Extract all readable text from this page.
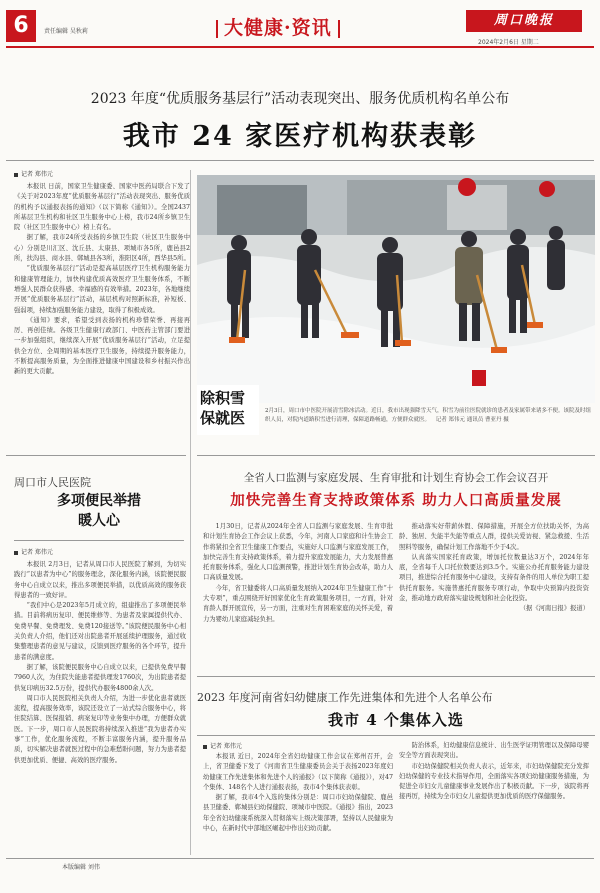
6	责任编辑 吴秋莉	大健康·资讯	周口晚报
2024年2月6日 星期二
2023 年度“优质服务基层行”活动表现突出、服务优质机构名单公布
我市 24 家医疗机构获表彰
记者 郑伟元

本报讯 日前，国家卫生健康委、国家中医药局联合下发了《关于对2023年度“优质服务基层行”活动表现突出、服务优质的机构予以通报表扬的通知》（以下简称《通知》）。全国2437所基层卫生机构和社区卫生服务中心上榜，我市24所乡镇卫生院（社区卫生服务中心）榜上有名。

据了解，我市24所受表扬的乡镇卫生院（社区卫生服务中心）分别是川汇区、沈丘县、太康县、项城市各5所，鹿邑县2所，扶沟县、商水县、郸城县各3所，淮阳区4所，西华县5所。

“优质服务基层行”活动是提高基层医疗卫生机构服务能力和健康管理能力，加快构建优质高效医疗卫生服务体系，不断增强人民群众获得感、幸福感的有效举措。2023年，各地继续开展“优质服务基层行”活动，基层机构对照新标准，补短板、强弱项，持续加强服务能力建设，取得了积极成效。

《通知》要求，希望受到表扬的机构珍惜荣誉、再接再厉、再创佳绩。各级卫生健康行政部门、中医药主管部门要进一步加强组织，继续深入开展“优质服务基层行”活动，立足提供全方位、全周期的基本医疗卫生服务，持续提升服务能力，不断提高服务质量，为全面推进健康中国建设和乡村振兴作出新的更大贡献。

除积雪
保就医	2月3日，周口市中医院开展清雪除冰活动。近日，我市出现强降雪天气，积雪为前往医院就诊的患者及家属带来诸多不便。该院及时组织人员，对院内道路积雪进行清理，保障道路畅通，方便群众就医。 记者 郑伟元 通讯员 曹亚丹 摄
周口市人民医院
多项便民举措
暖人心
记者 郑伟元

本报讯 2月3日，记者从周口市人民医院了解到，为切实践行“以患者为中心”的服务理念，深化服务内涵，该院便民服务中心自成立以来，推出多项便民举措，以优质高效的服务获得患者的一致好评。

“我们中心是2023年5月成立的，组建推出了多项便民举措。目前将病历复印、便民维修等、为患者及家属提供代办、免费早餐、免费理发、免费120接送等。”该院便民服务中心相关负责人介绍，他们还对出院患者开展延续护理服务，通过收集整理患者的意见与建议，反馈到医疗服务的各个环节，提升患者的满意度。

据了解，该院便民服务中心自成立以来，已提供免费早餐7960人次，为住院失能患者提供理发1760次，为出院患者提供复印病历32.5万份，提供代办服务4800余人次。

周口市人民医院相关负责人介绍，为进一步优化患者就医流程，提高服务效率，该院还设立了一站式综合服务中心，将住院结算、医保报销、病案复印等业务集中办理，方便群众就医。下一步，周口市人民医院将持续深入推进“我为患者办实事”工作，优化服务流程，不断丰富服务内涵，提升服务品质，切实解决患者就医过程中的急难愁盼问题，努力为患者提供更加优质、便捷、高效的医疗服务。

全省人口监测与家庭发展、生育审批和计划生育协会工作会议召开
加快完善生育支持政策体系 助力人口高质量发展

1月30日，记者从2024年全省人口监测与家庭发展、生育审批和计划生育协会工作会议上获悉，今年，河南人口家庭和计生协会工作将紧扣全省卫生健康工作要点，实施好人口监测与家庭发展工作，加快完善生育支持政策体系，着力提升家庭发展能力，大力发展普惠托育服务体系，强化人口监测预警，推进计划生育协会改革，助力人口高质量发展。

今年，省卫健委将人口高质量发展纳入2024年卫生健康工作“十大专项”，重点围绕开好国家优化生育政策服务项目，一方面，针对育龄人群开展宣传，另一方面，注重对生育困难家庭的关怀关爱，着力为婴幼儿家庭减轻负担。

推动落实好带薪休假、保障措施，开展全方位扶助关怀，为高龄、独居、失能半失能等重点人群，提供关爱访视、紧急救援、生活照料等服务，确保计划工作落地不少于4次。

认真落实国家托育政策，增加托位数量达3万个，2024年年底，全省每千人口托位数要达到3.5个。实施公办托育服务能力建设项目，推进综合托育服务中心建设，支持有条件的用人单位为职工提供托育服务。实施普惠托育服务专项行动，争取中央预算内投资资金，推动地方政府落实建设规划和社会化投资。

（据《河南日报》报道）

2023 年度河南省妇幼健康工作先进集体和先进个人名单公布
我市 4 个集体入选
记者 郑伟元

本报讯 近日，2024年全省妇幼健康工作会议在郑州召开，会上，省卫健委下发了《河南省卫生健康委员会关于表扬2023年度妇幼健康工作先进集体和先进个人的通报》（以下简称《通报》），对47个集体、148名个人进行通报表扬，我市4个集体获表彰。

据了解，我市4个入选的集体分别是：周口市妇幼保健院、鹿邑县卫健委、郸城县妇幼保健院、项城市中医院。《通报》指出，2023年全省妇幼健康系统深入贯彻落实上级决策部署，坚持以人民健康为中心，在新时代中部地区崛起中作出妇幼贡献。

防治体系，妇幼健康信息统计、出生医学证明管理以及保障母婴安全等方面表现突出。

市妇幼保健院相关负责人表示，近年来，市妇幼保健院充分发挥妇幼保健的专业技术指导作用，全面落实各项妇幼健康服务措施，为促进全市妇女儿童健康事业发展作出了积极贡献。下一步，该院将再接再厉，持续为全市妇女儿童提供更加优质的医疗保健服务。

本版编辑 刘伟
